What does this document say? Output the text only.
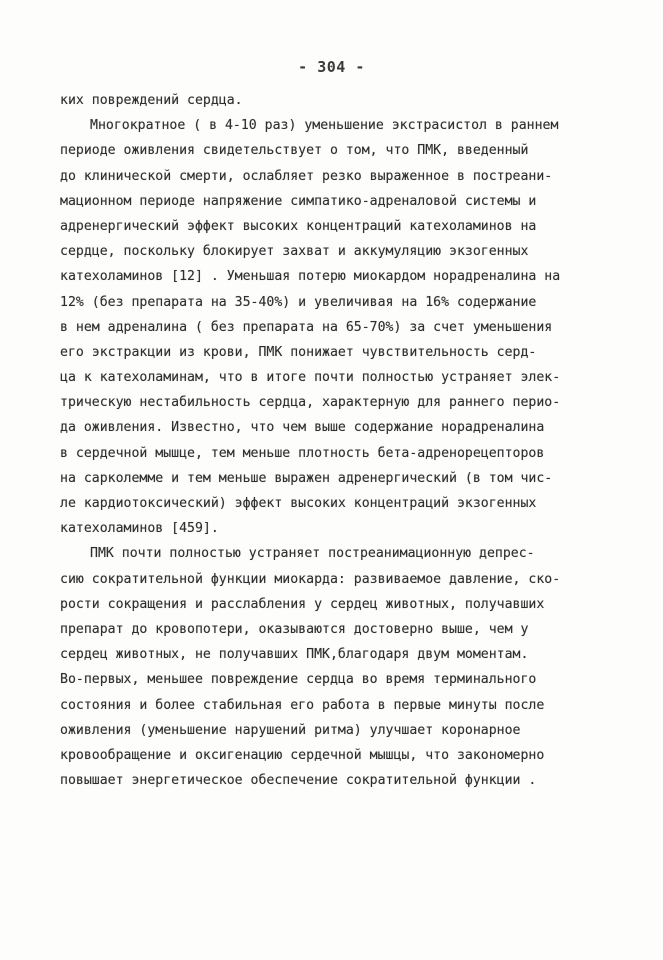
- 304 -
ких повреждений сердца.
Многократное ( в 4-10 раз) уменьшение экстрасистол в раннем
периоде оживления свидетельствует о том, что ПМК, введенный
до клинической смерти, ослабляет резко выраженное в постреани-
мационном периоде напряжение симпатико-адреналовой системы и
адренергический эффект высоких концентраций катехоламинов на
сердце, поскольку блокирует захват и аккумуляцию экзогенных
катехоламинов [12] . Уменьшая потерю миокардом норадреналина на
12% (без препарата на 35-40%) и увеличивая на 16% содержание
в нем адреналина ( без препарата на 65-70%) за счет уменьшения
его экстракции из крови, ПМК понижает чувствительность серд-
ца к катехоламинам, что в итоге почти полностью устраняет элек-
трическую нестабильность сердца, характерную для раннего перио-
да оживления. Известно, что чем выше содержание норадреналина
в сердечной мышце, тем меньше плотность бета-адренорецепторов
на сарколемме и тем меньше выражен адренергический (в том чис-
ле кардиотоксический) эффект высоких концентраций экзогенных
катехоламинов [459].
ПМК почти полностью устраняет постреанимационную депрес-
сию сократительной функции миокарда: развиваемое давление, ско-
рости сокращения и расслабления у сердец животных, получавших
препарат до кровопотери, оказываются достоверно выше, чем у
сердец животных, не получавших ПМК,благодаря двум моментам.
Во-первых, меньшее повреждение сердца во время терминального
состояния и более стабильная его работа в первые минуты после
оживления (уменьшение нарушений ритма) улучшает коронарное
кровообращение и оксигенацию сердечной мышцы, что закономерно
повышает энергетическое обеспечение сократительной функции .
